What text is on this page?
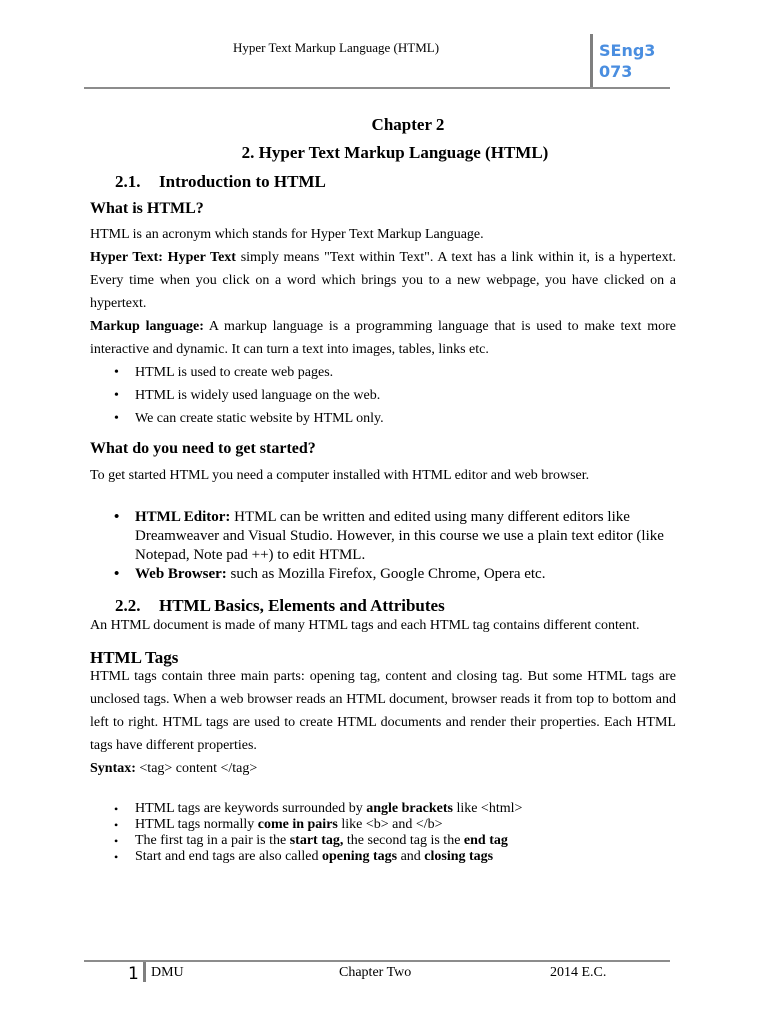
Hyper Text Markup Language (HTML)	SEng3
073
Chapter 2
2. Hyper Text Markup Language (HTML)
2.1. Introduction to HTML
What is HTML?
HTML is an acronym which stands for Hyper Text Markup Language.
Hyper Text: Hyper Text simply means "Text within Text". A text has a link within it, is a hypertext. Every time when you click on a word which brings you to a new webpage, you have clicked on a hypertext.
Markup language: A markup language is a programming language that is used to make text more interactive and dynamic. It can turn a text into images, tables, links etc.
• HTML is used to create web pages.
• HTML is widely used language on the web.
• We can create static website by HTML only.
What do you need to get started?
To get started HTML you need a computer installed with HTML editor and web browser.
• HTML Editor: HTML can be written and edited using many different editors like Dreamweaver and Visual Studio. However, in this course we use a plain text editor (like Notepad, Note pad ++) to edit HTML.
• Web Browser: such as Mozilla Firefox, Google Chrome, Opera etc.
2.2. HTML Basics, Elements and Attributes
An HTML document is made of many HTML tags and each HTML tag contains different content.
HTML Tags
HTML tags contain three main parts: opening tag, content and closing tag. But some HTML tags are unclosed tags. When a web browser reads an HTML document, browser reads it from top to bottom and left to right. HTML tags are used to create HTML documents and render their properties. Each HTML tags have different properties.
Syntax: <tag> content </tag>
• HTML tags are keywords surrounded by angle brackets like <html>
• HTML tags normally come in pairs like <b> and </b>
• The first tag in a pair is the start tag, the second tag is the end tag
• Start and end tags are also called opening tags and closing tags
1 DMU	Chapter Two	2014 E.C.
